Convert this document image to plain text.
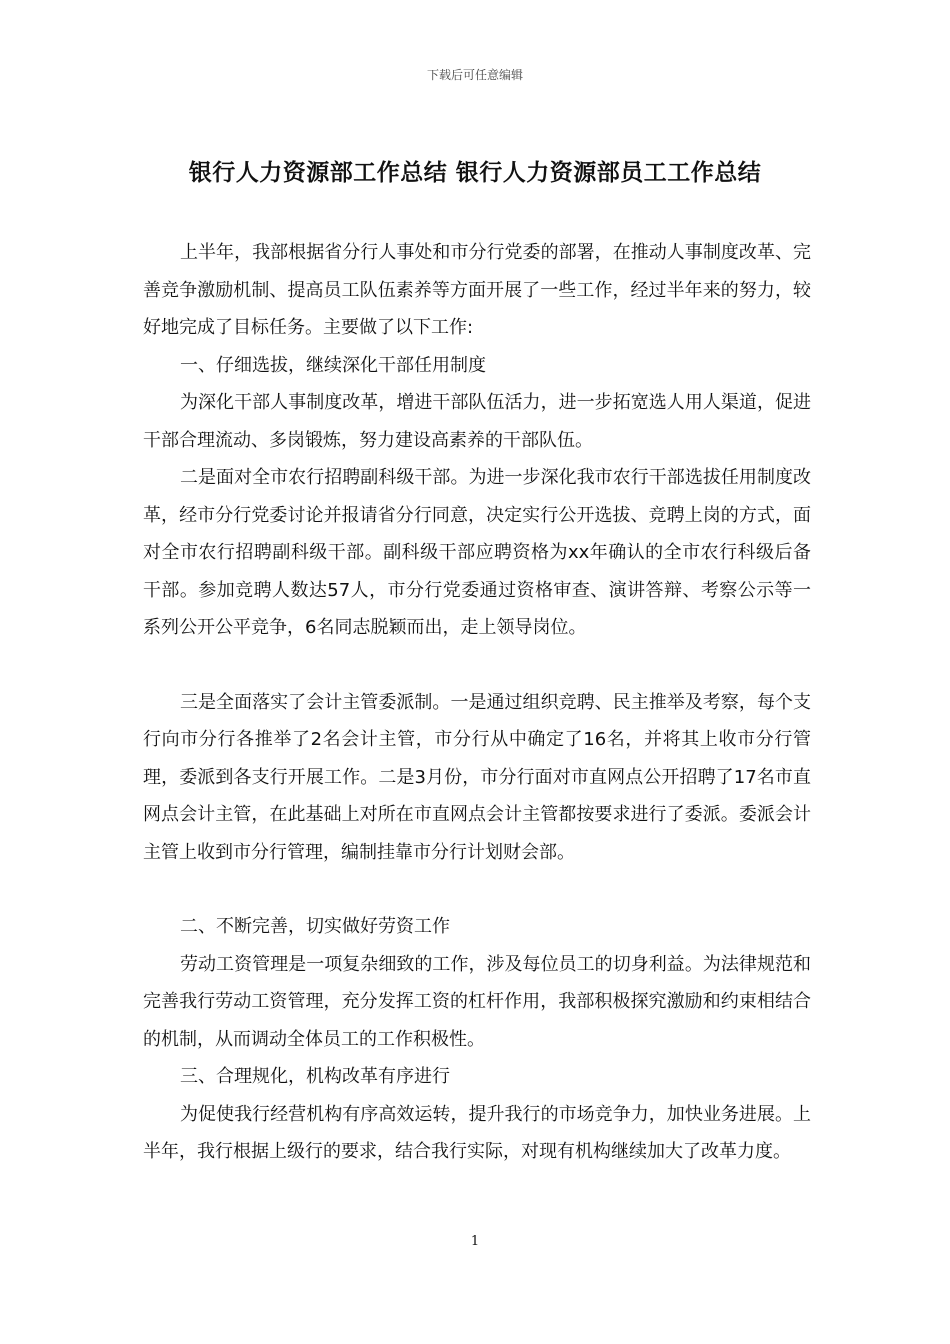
下载后可任意编辑
银行人力资源部工作总结 银行人力资源部员工工作总结

上半年，我部根据省分行人事处和市分行党委的部署，在推动人事制度改革、完善竞争激励机制、提高员工队伍素养等方面开展了一些工作，经过半年来的努力，较好地完成了目标任务。主要做了以下工作:

一、仔细选拔，继续深化干部任用制度

为深化干部人事制度改革，增进干部队伍活力，进一步拓宽选人用人渠道，促进干部合理流动、多岗锻炼，努力建设高素养的干部队伍。

二是面对全市农行招聘副科级干部。为进一步深化我市农行干部选拔任用制度改革，经市分行党委讨论并报请省分行同意，决定实行公开选拔、竞聘上岗的方式，面对全市农行招聘副科级干部。副科级干部应聘资格为xx年确认的全市农行科级后备干部。参加竞聘人数达57人，市分行党委通过资格审查、演讲答辩、考察公示等一系列公开公平竞争，6名同志脱颖而出，走上领导岗位。

三是全面落实了会计主管委派制。一是通过组织竞聘、民主推举及考察，每个支行向市分行各推举了2名会计主管，市分行从中确定了16名，并将其上收市分行管理，委派到各支行开展工作。二是3月份，市分行面对市直网点公开招聘了17名市直网点会计主管，在此基础上对所在市直网点会计主管都按要求进行了委派。委派会计主管上收到市分行管理，编制挂靠市分行计划财会部。

二、不断完善，切实做好劳资工作

劳动工资管理是一项复杂细致的工作，涉及每位员工的切身利益。为法律规范和完善我行劳动工资管理，充分发挥工资的杠杆作用，我部积极探究激励和约束相结合的机制，从而调动全体员工的工作积极性。

三、合理规化，机构改革有序进行

为促使我行经营机构有序高效运转，提升我行的市场竞争力，加快业务进展。上半年，我行根据上级行的要求，结合我行实际，对现有机构继续加大了改革力度。

1
